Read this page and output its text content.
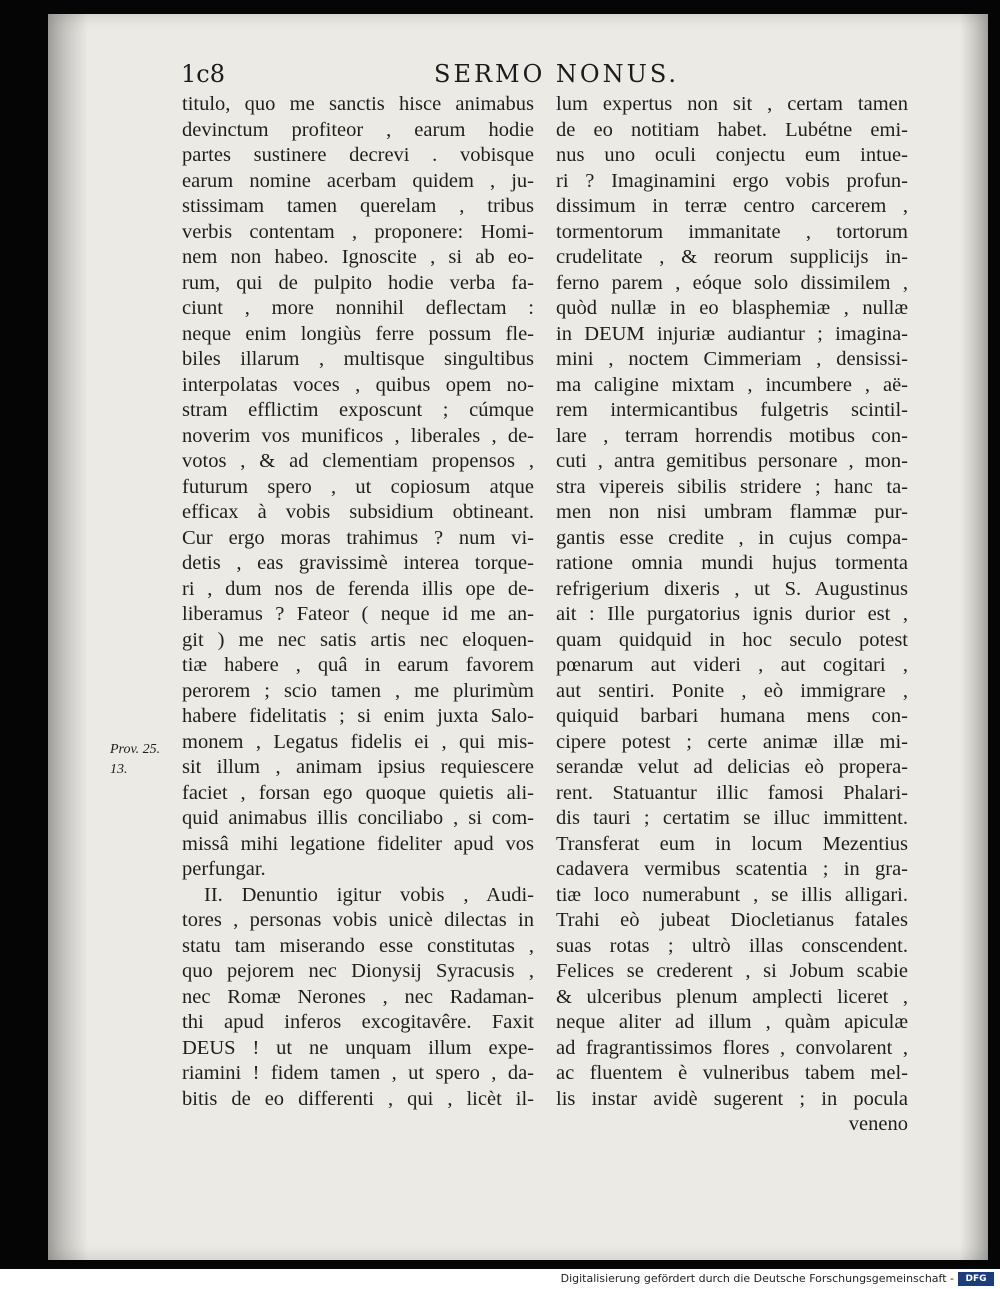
1c8	SERMO NONUS.
Prov. 25.
13.
titulo, quo me sanctis hisce animabus
devinctum profiteor , earum hodie
partes sustinere decrevi . vobisque
earum nomine acerbam quidem , ju-
stissimam tamen querelam , tribus
verbis contentam , proponere: Homi-
nem non habeo. Ignoscite , si ab eo-
rum, qui de pulpito hodie verba fa-
ciunt , more nonnihil deflectam :
neque enim longiùs ferre possum fle-
biles illarum , multisque singultibus
interpolatas voces , quibus opem no-
stram efflictim exposcunt ; cúmque
noverim vos munificos , liberales , de-
votos , & ad clementiam propensos ,
futurum spero , ut copiosum atque
efficax à vobis subsidium obtineant.
Cur ergo moras trahimus ? num vi-
detis , eas gravissimè interea torque-
ri , dum nos de ferenda illis ope de-
liberamus ? Fateor ( neque id me an-
git ) me nec satis artis nec eloquen-
tiæ habere , quâ in earum favorem
perorem ; scio tamen , me plurimùm
habere fidelitatis ; si enim juxta Salo-
monem , Legatus fidelis ei , qui mis-
sit illum , animam ipsius requiescere
faciet , forsan ego quoque quietis ali-
quid animabus illis conciliabo , si com-
missâ mihi legatione fideliter apud vos
perfungar.
II. Denuntio igitur vobis , Audi-
tores , personas vobis unicè dilectas in
statu tam miserando esse constitutas ,
quo pejorem nec Dionysij Syracusis ,
nec Romæ Nerones , nec Radaman-
thi apud inferos excogitavêre. Faxit
DEUS ! ut ne unquam illum expe-
riamini ! fidem tamen , ut spero , da-
bitis de eo differenti , qui , licèt il-
lum expertus non sit , certam tamen
de eo notitiam habet. Lubétne emi-
nus uno oculi conjectu eum intue-
ri ? Imaginamini ergo vobis profun-
dissimum in terræ centro carcerem ,
tormentorum immanitate , tortorum
crudelitate , & reorum supplicijs in-
ferno parem , eóque solo dissimilem ,
quòd nullæ in eo blasphemiæ , nullæ
in DEUM injuriæ audiantur ; imagina-
mini , noctem Cimmeriam , densissi-
ma caligine mixtam , incumbere , aë-
rem intermicantibus fulgetris scintil-
lare , terram horrendis motibus con-
cuti , antra gemitibus personare , mon-
stra vipereis sibilis stridere ; hanc ta-
men non nisi umbram flammæ pur-
gantis esse credite , in cujus compa-
ratione omnia mundi hujus tormenta
refrigerium dixeris , ut S. Augustinus
ait : Ille purgatorius ignis durior est ,
quam quidquid in hoc seculo potest
pœnarum aut videri , aut cogitari ,
aut sentiri. Ponite , eò immigrare ,
quiquid barbari humana mens con-
cipere potest ; certe animæ illæ mi-
serandæ velut ad delicias eò propera-
rent. Statuantur illic famosi Phalari-
dis tauri ; certatim se illuc immittent.
Transferat eum in locum Mezentius
cadavera vermibus scatentia ; in gra-
tiæ loco numerabunt , se illis alligari.
Trahi eò jubeat Diocletianus fatales
suas rotas ; ultrò illas conscendent.
Felices se crederent , si Jobum scabie
& ulceribus plenum amplecti liceret ,
neque aliter ad illum , quàm apiculæ
ad fragrantissimos flores , convolarent ,
ac fluentem è vulneribus tabem mel-
lis instar avidè sugerent ; in pocula
veneno
Digitalisierung gefördert durch die Deutsche Forschungsgemeinschaft -	DFG
